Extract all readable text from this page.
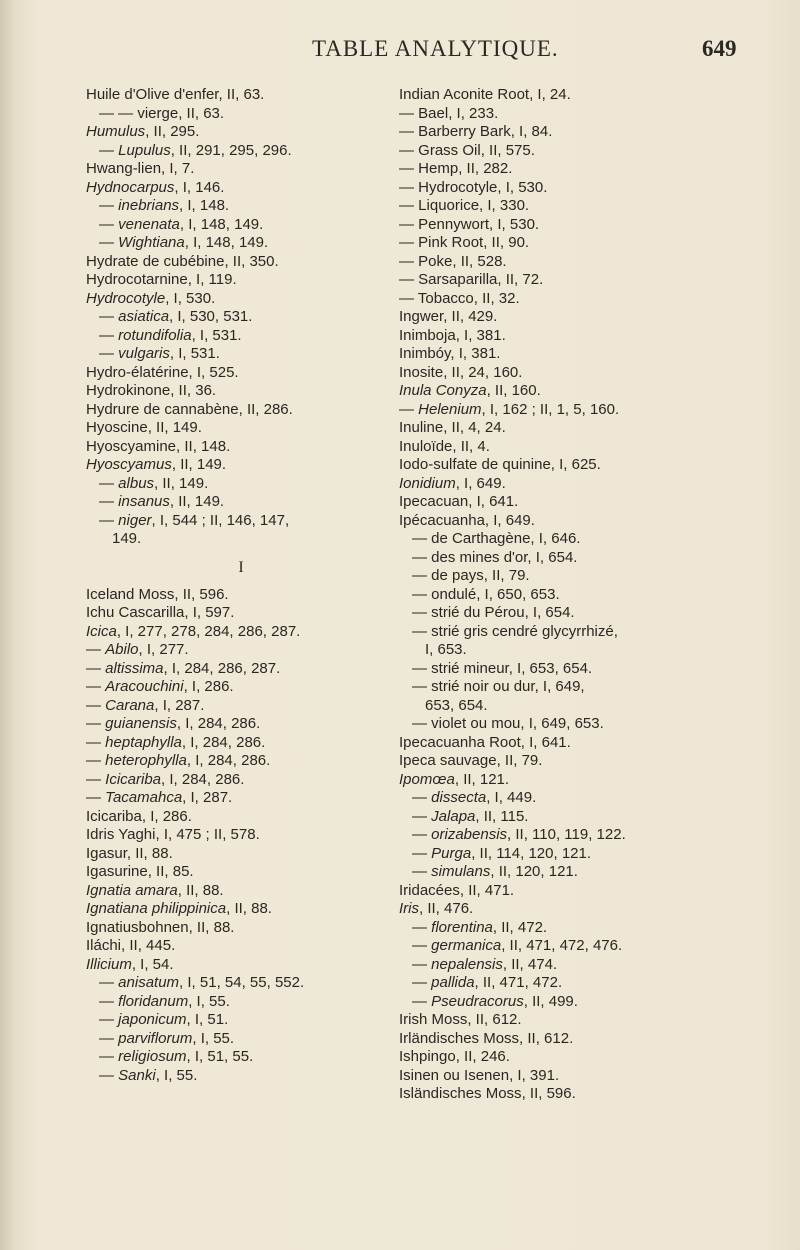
TABLE ANALYTIQUE.	649
Huile d'Olive d'enfer, II, 63.
— — vierge, II, 63.
Humulus, II, 295.
— Lupulus, II, 291, 295, 296.
Hwang-lien, I, 7.
Hydnocarpus, I, 146.
— inebrians, I, 148.
— venenata, I, 148, 149.
— Wightiana, I, 148, 149.
Hydrate de cubébine, II, 350.
Hydrocotarnine, I, 119.
Hydrocotyle, I, 530.
— asiatica, I, 530, 531.
— rotundifolia, I, 531.
— vulgaris, I, 531.
Hydro-élatérine, I, 525.
Hydrokinone, II, 36.
Hydrure de cannabène, II, 286.
Hyoscine, II, 149.
Hyoscyamine, II, 148.
Hyoscyamus, II, 149.
— albus, II, 149.
— insanus, II, 149.
— niger, I, 544 ; II, 146, 147,
149.
I
Iceland Moss, II, 596.
Ichu Cascarilla, I, 597.
Icica, I, 277, 278, 284, 286, 287.
— Abilo, I, 277.
— altissima, I, 284, 286, 287.
— Aracouchini, I, 286.
— Carana, I, 287.
— guianensis, I, 284, 286.
— heptaphylla, I, 284, 286.
— heterophylla, I, 284, 286.
— Icicariba, I, 284, 286.
— Tacamahca, I, 287.
Icicariba, I, 286.
Idris Yaghi, I, 475 ; II, 578.
Igasur, II, 88.
Igasurine, II, 85.
Ignatia amara, II, 88.
Ignatiana philippinica, II, 88.
Ignatiusbohnen, II, 88.
Iláchi, II, 445.
Illicium, I, 54.
— anisatum, I, 51, 54, 55, 552.
— floridanum, I, 55.
— japonicum, I, 51.
— parviflorum, I, 55.
— religiosum, I, 51, 55.
— Sanki, I, 55.
Indian Aconite Root, I, 24.
— Bael, I, 233.
— Barberry Bark, I, 84.
— Grass Oil, II, 575.
— Hemp, II, 282.
— Hydrocotyle, I, 530.
— Liquorice, I, 330.
— Pennywort, I, 530.
— Pink Root, II, 90.
— Poke, II, 528.
— Sarsaparilla, II, 72.
— Tobacco, II, 32.
Ingwer, II, 429.
Inimboja, I, 381.
Inimbóy, I, 381.
Inosite, II, 24, 160.
Inula Conyza, II, 160.
— Helenium, I, 162 ; II, 1, 5, 160.
Inuline, II, 4, 24.
Inuloïde, II, 4.
Iodo-sulfate de quinine, I, 625.
Ionidium, I, 649.
Ipecacuan, I, 641.
Ipécacuanha, I, 649.
— de Carthagène, I, 646.
— des mines d'or, I, 654.
— de pays, II, 79.
— ondulé, I, 650, 653.
— strié du Pérou, I, 654.
— strié gris cendré glycyrrhizé,
I, 653.
— strié mineur, I, 653, 654.
— strié noir ou dur, I, 649,
653, 654.
— violet ou mou, I, 649, 653.
Ipecacuanha Root, I, 641.
Ipeca sauvage, II, 79.
Ipomœa, II, 121.
— dissecta, I, 449.
— Jalapa, II, 115.
— orizabensis, II, 110, 119, 122.
— Purga, II, 114, 120, 121.
— simulans, II, 120, 121.
Iridacées, II, 471.
Iris, II, 476.
— florentina, II, 472.
— germanica, II, 471, 472, 476.
— nepalensis, II, 474.
— pallida, II, 471, 472.
— Pseudracorus, II, 499.
Irish Moss, II, 612.
Irländisches Moss, II, 612.
Ishpingo, II, 246.
Isinen ou Isenen, I, 391.
Isländisches Moss, II, 596.
